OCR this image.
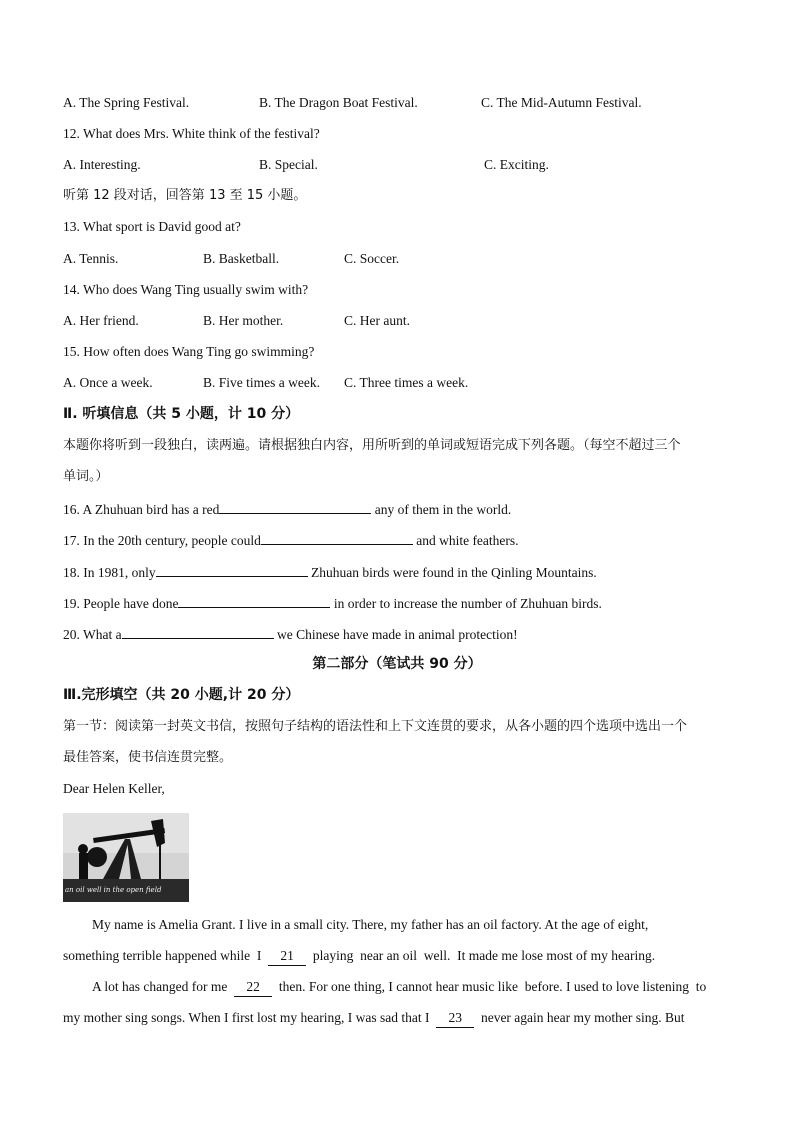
A. The Spring Festival.	B. The Dragon Boat Festival.	C. The Mid-Autumn Festival.
12. What does Mrs. White think of the festival?
A. Interesting.	B. Special.	C. Exciting.
听第 12 段对话，回答第 13 至 15 小题。
13. What sport is David good at?
A. Tennis.	B. Basketball.	C. Soccer.
14. Who does Wang Ting usually swim with?
A. Her friend.	B. Her mother.	C. Her aunt.
15. How often does Wang Ting go swimming?
A. Once a week.	B. Five times a week. C. Three times a week.
Ⅱ. 听填信息（共 5 小题，计 10 分）
本题你将听到一段独白，读两遍。请根据独白内容，用所听到的单词或短语完成下列各题。（每空不超过三个
单词。）
16. A Zhuhuan bird has a red	any of them in the world.
17. In the 20th century, people could	and white feathers.
18. In 1981, only	Zhuhuan birds were found in the Qinling Mountains.
19. People have done	in order to increase the number of Zhuhuan birds.
20. What a	we Chinese have made in animal protection!
第二部分（笔试共 90 分）
Ⅲ.完形填空（共 20 小题,计 20 分）
第一节：阅读第一封英文书信，按照句子结构的语法性和上下文连贯的要求，从各小题的四个选项中选出一个
最佳答案，使书信连贯完整。
Dear Helen Keller,
an oil well in the open field
My name is Amelia Grant. I live in a small city. There, my father has an oil factory. At the age of eight,
something terrible happened while  I  21  playing  near an oil  well.  It made me lose most of my hearing.
A lot has changed for me  22  then. For one thing, I cannot hear music like  before. I used to love listening  to
my mother sing songs. When I first lost my hearing, I was sad that I  23  never again hear my mother sing. But
